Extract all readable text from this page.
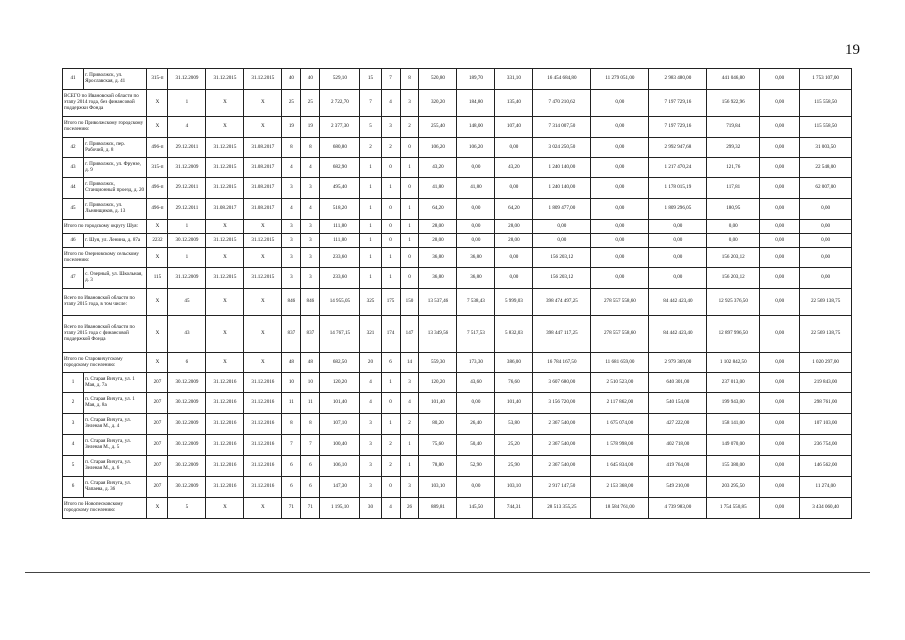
19
41	г. Приволжск, ул. Ярославская, д. 41	315-п	31.12.2009	31.12.2015	31.12.2015	40	40	529,10	15	7	8	520,80	189,70	331,10	16 454 684,80	11 279 051,00	2 983 480,00	441 046,80	0,00	1 753 107,00
ВСЕГО по Ивановской области по этапу 2014 года, без финансовой поддержки Фонда		Х	1	Х	Х	25	25	2 722,70	7	4	3	320,20	184,80	135,40	7 470 210,62	0,00	7 197 729,16	156 922,96	0,00	115 558,50
Итого по Приволжскому городскому поселению:		Х	4	Х	Х	19	19	2 377,30	5	3	2	255,40	148,00	107,40	7 314 007,50	0,00	7 197 729,16	719,84	0,00	115 558,50
42	г. Приволжск, пер. Рабочий, д. 8	496-п	29.12.2011	31.12.2015	31.08.2017	8	8	680,80	2	2	0	106,20	106,20	0,00	3 024 250,50	0,00	2 992 947,68	299,32	0,00	31 003,50
43	г. Приволжск, ул. Фрунзе, д. 9	315-п	31.12.2009	31.12.2015	31.08.2017	4	4	682,90	1	0	1	43,20	0,00	43,20	1 240 140,00	0,00	1 217 470,24	121,76	0,00	22 548,00
44	г. Приволжск, Станционный проезд, д. 20	496-п	29.12.2011	31.12.2015	31.08.2017	3	3	495,40	1	1	0	41,80	41,80	0,00	1 240 140,00	0,00	1 178 015,19	117,81	0,00	62 007,00
45	г. Приволжск, ул. Льнянщиков, д. 13	496-п	29.12.2011	31.08.2017	31.08.2017	4	4	518,20	1	0	1	64,20	0,00	64,20	1 809 477,00	0,00	1 809 296,05	180,95	0,00	0,00
Итого по городскому округу Шуя:		Х	1	Х	Х	3	3	111,80	1	0	1	28,00	0,00	28,00	0,00	0,00	0,00	0,00	0,00	0,00
46	г. Шуя, ул. Ленина, д. 87а	2232	30.12.2009	31.12.2015	31.12.2015	3	3	111,80	1	0	1	28,00	0,00	28,00	0,00	0,00	0,00	0,00	0,00	0,00
Итого по Озерновскому сельскому поселению:		Х	1	Х	Х	3	3	233,60	1	1	0	36,80	36,80	0,00	156 203,12	0,00	0,00	156 203,12	0,00	0,00
47	с. Озерный, ул. Школьная, д. 3	115	31.12.2009	31.12.2015	31.12.2015	3	3	233,60	1	1	0	36,80	36,80	0,00	156 203,12	0,00	0,00	156 203,12	0,00	0,00
Всего по Ивановской области по этапу 2015 года, в том числе:		Х	45	Х	Х	846	846	14 955,05	325	175	150	13 537,46	7 538,43	5 999,03	398 474 497,25	278 557 558,60	84 442 423,40	12 925 376,50	0,00	22 569 138,75
Всего по Ивановской области по этапу 2015 года с финансовой поддержкой Фонда		Х	43	Х	Х	837	837	14 767,15	321	174	147	13 349,56	7 517,53	5 832,03	398 447 117,25	278 557 558,60	84 442 423,40	12 897 996,50	0,00	22 569 138,75
Итого по Старовичугскому городскому поселению:		Х	6	Х	Х	48	48	682,50	20	6	14	559,30	173,30	386,00	16 784 167,50	11 681 659,00	2 979 369,00	1 102 842,50	0,00	1 020 297,00
1	п. Старая Вичуга, ул. 1 Мая, д. 7а	207	30.12.2009	31.12.2016	31.12.2016	10	10	120,20	4	1	3	120,20	43,60	76,60	3 607 680,00	2 510 523,00	640 301,00	237 013,00	0,00	219 843,00
2	п. Старая Вичуга, ул. 1 Мая, д. 8а	207	30.12.2009	31.12.2016	31.12.2016	11	11	101,40	4	0	4	101,40	0,00	101,40	3 156 720,00	2 117 862,00	540 154,00	199 943,00	0,00	298 761,00
3	п. Старая Вичуга, ул. Зеленая М., д. 4	207	30.12.2009	31.12.2016	31.12.2016	8	8	107,10	3	1	2	80,20	26,40	53,80	2 367 540,00	1 675 074,00	427 222,00	158 141,00	0,00	107 103,00
4	п. Старая Вичуга, ул. Зеленая М., д. 5	207	30.12.2009	31.12.2016	31.12.2016	7	7	100,40	3	2	1	75,60	50,40	25,20	2 367 540,00	1 578 998,00	402 718,00	149 070,00	0,00	236 754,00
5	п. Старая Вичуга, ул. Зеленая М., д. 6	207	30.12.2009	31.12.2016	31.12.2016	6	6	106,10	3	2	1	78,80	52,90	25,90	2 367 540,00	1 645 834,00	419 764,00	155 380,00	0,00	146 562,00
6	п. Старая Вичуга, ул. Чапаева, д. 36	207	30.12.2009	31.12.2016	31.12.2016	6	6	147,30	3	0	3	103,10	0,00	103,10	2 917 147,50	2 153 368,00	549 210,00	203 295,50	0,00	11 274,00
Итого по Новопесковскому городскому поселению:		Х	5	Х	Х	71	71	1 195,10	30	4	26	889,81	145,50	744,31	28 513 355,25	18 584 761,00	4 739 983,00	1 754 550,85	0,00	3 434 060,40
